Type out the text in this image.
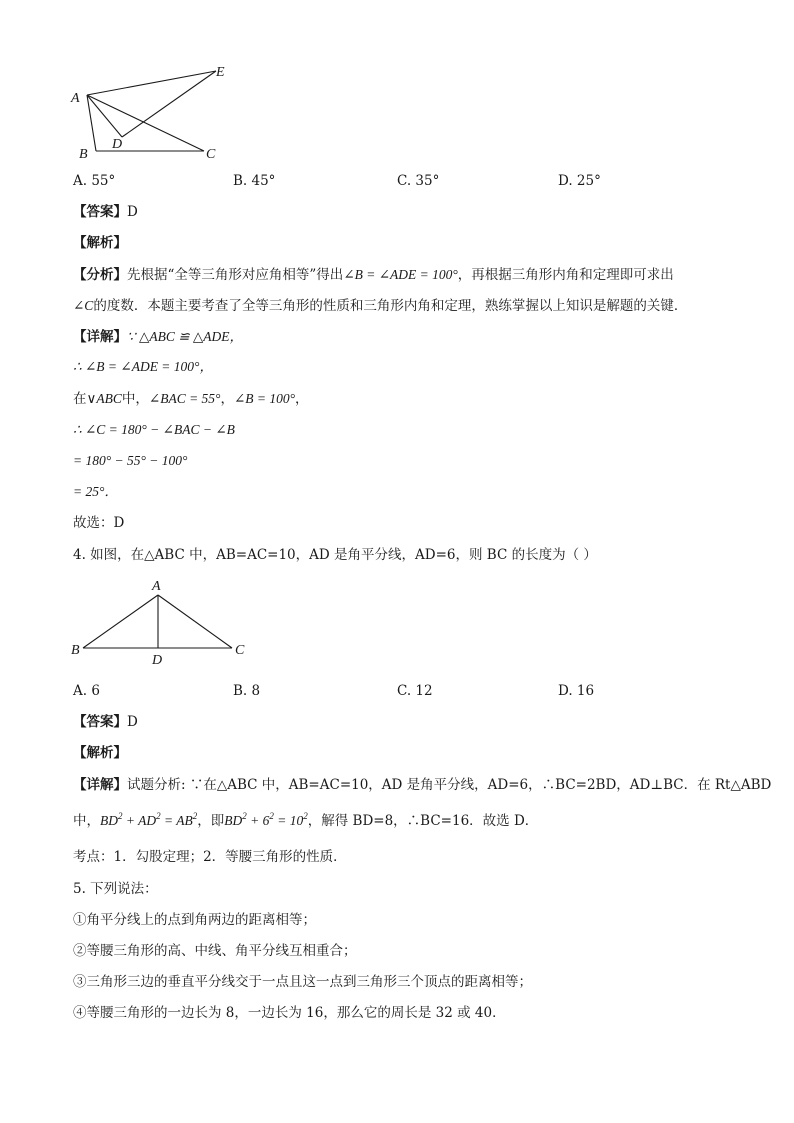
A
B	C
D
E
A. 55°	B. 45°	C. 35°	D. 25°
【答案】D
【解析】
【分析】先根据“全等三角形对应角相等”得出∠B = ∠ADE = 100°，再根据三角形内角和定理即可求出
∠C的度数．本题主要考查了全等三角形的性质和三角形内角和定理，熟练掌握以上知识是解题的关键．
【详解】∵ △ABC ≌ △ADE，
∴ ∠B = ∠ADE = 100°，
在∨ABC中，∠BAC = 55°，∠B = 100°，
∴ ∠C = 180° − ∠BAC − ∠B
= 180° − 55° − 100°
= 25°．
故选：D
4. 如图，在△ABC 中，AB=AC=10，AD 是角平分线，AD=6，则 BC 的长度为（ ）
A
B	C
D
A. 6	B. 8	C. 12	D. 16
【答案】D
【解析】
【详解】试题分析: ∵在△ABC 中，AB=AC=10，AD 是角平分线，AD=6，∴BC=2BD，AD⊥BC．在 Rt△ABD
中，$BD^2 + AD^2 = AB^2$，即$BD^2 + 6^2 = 10^2$，解得 BD=8，∴BC=16．故选 D．
考点：1．勾股定理；2．等腰三角形的性质．
5. 下列说法：
①角平分线上的点到角两边的距离相等；
②等腰三角形的高、中线、角平分线互相重合；
③三角形三边的垂直平分线交于一点且这一点到三角形三个顶点的距离相等；
④等腰三角形的一边长为 8，一边长为 16，那么它的周长是 32 或 40．
